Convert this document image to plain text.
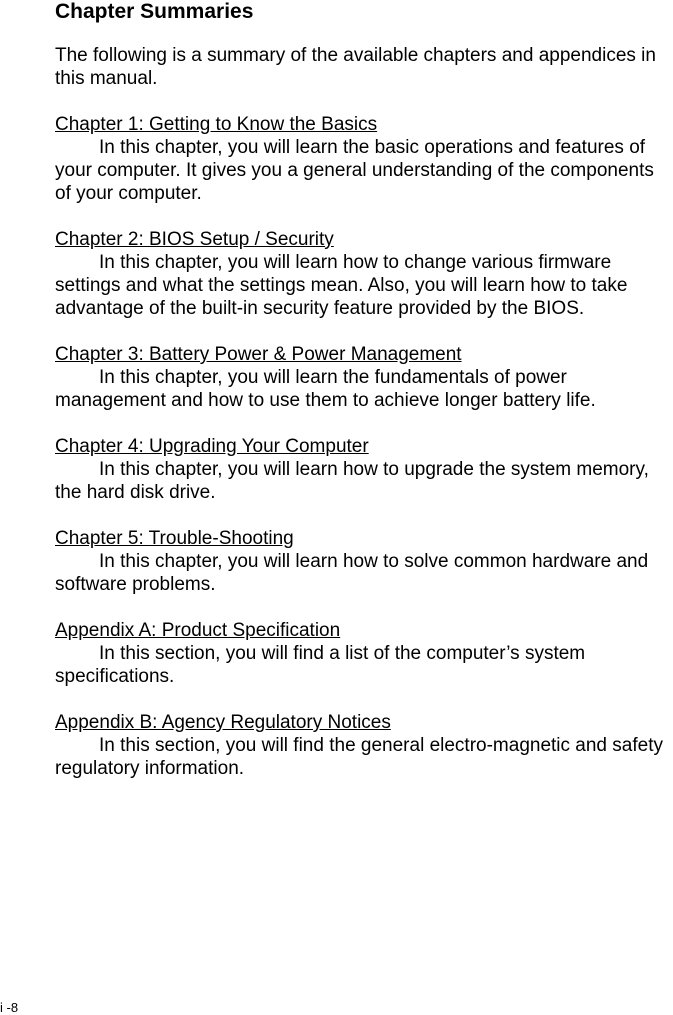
Chapter Summaries

The following is a summary of the available chapters and appendices in this manual.

Chapter 1: Getting to Know the Basics

In this chapter, you will learn the basic operations and features of your computer. It gives you a general understanding of the components of your computer.

Chapter 2: BIOS Setup / Security

In this chapter, you will learn how to change various firmware settings and what the settings mean. Also, you will learn how to take advantage of the built-in security feature provided by the BIOS.

Chapter 3: Battery Power & Power Management

In this chapter, you will learn the fundamentals of power management and how to use them to achieve longer battery life.

Chapter 4: Upgrading Your Computer

In this chapter, you will learn how to upgrade the system memory, the hard disk drive.

Chapter 5: Trouble-Shooting

In this chapter, you will learn how to solve common hardware and software problems.

Appendix A: Product Specification

In this section, you will find a list of the computer’s system specifications.

Appendix B: Agency Regulatory Notices

In this section, you will find the general electro-magnetic and safety regulatory information.

i -8
